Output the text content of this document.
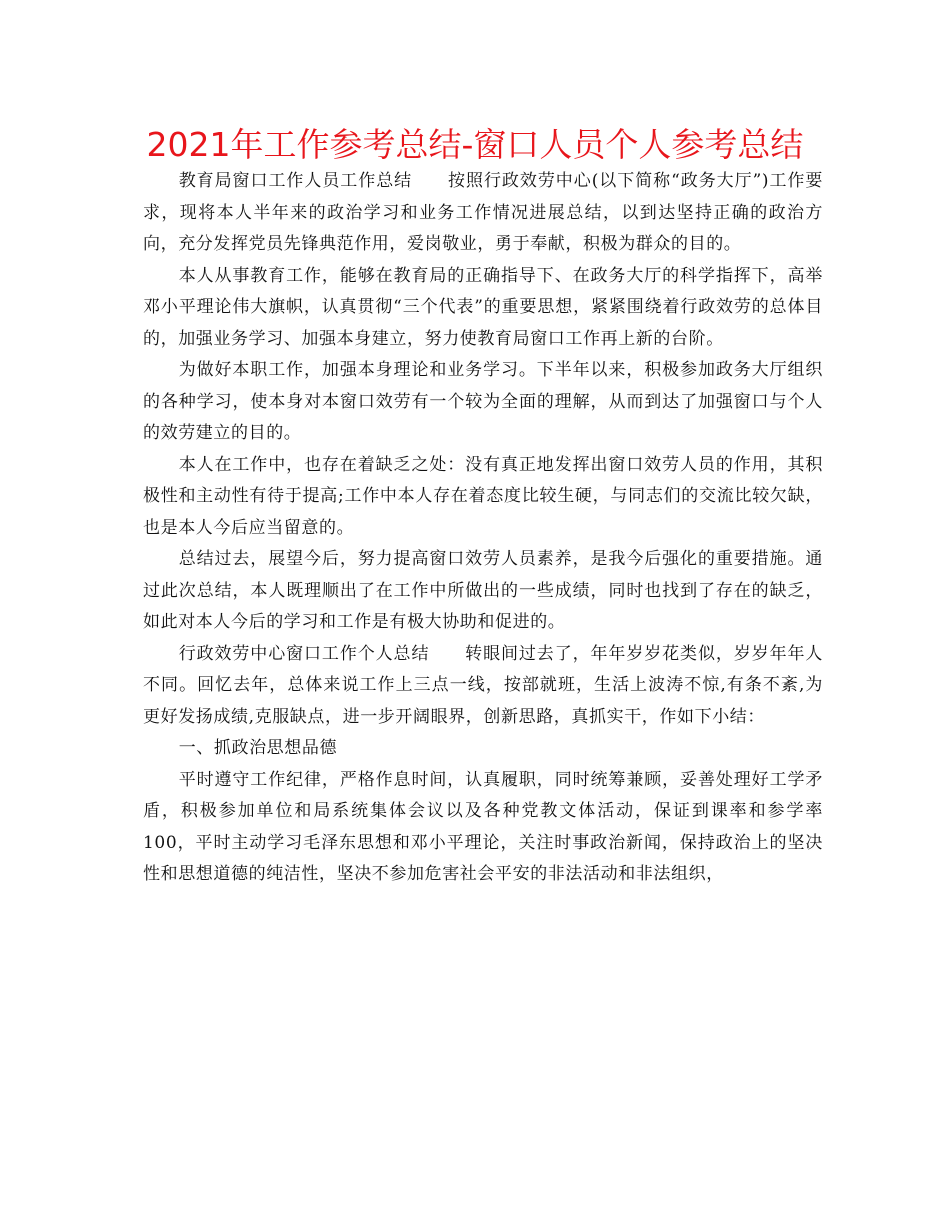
2021年工作参考总结-窗口人员个人参考总结

教育局窗口工作人员工作总结　　按照行政效劳中心(以下简称“政务大厅”)工作要求，现将本人半年来的政治学习和业务工作情况进展总结，以到达坚持正确的政治方向，充分发挥党员先锋典范作用，爱岗敬业，勇于奉献，积极为群众的目的。

本人从事教育工作，能够在教育局的正确指导下、在政务大厅的科学指挥下，高举邓小平理论伟大旗帜，认真贯彻“三个代表”的重要思想，紧紧围绕着行政效劳的总体目的，加强业务学习、加强本身建立，努力使教育局窗口工作再上新的台阶。

为做好本职工作，加强本身理论和业务学习。下半年以来，积极参加政务大厅组织的各种学习，使本身对本窗口效劳有一个较为全面的理解，从而到达了加强窗口与个人的效劳建立的目的。

本人在工作中，也存在着缺乏之处：没有真正地发挥出窗口效劳人员的作用，其积极性和主动性有待于提高;工作中本人存在着态度比较生硬，与同志们的交流比较欠缺，也是本人今后应当留意的。

总结过去，展望今后，努力提高窗口效劳人员素养，是我今后强化的重要措施。通过此次总结，本人既理顺出了在工作中所做出的一些成绩，同时也找到了存在的缺乏，如此对本人今后的学习和工作是有极大协助和促进的。

行政效劳中心窗口工作个人总结　　转眼间过去了，年年岁岁花类似，岁岁年年人不同。回忆去年，总体来说工作上三点一线，按部就班，生活上波涛不惊,有条不紊,为更好发扬成绩,克服缺点，进一步开阔眼界，创新思路，真抓实干，作如下小结：

一、抓政治思想品德

平时遵守工作纪律，严格作息时间，认真履职，同时统筹兼顾，妥善处理好工学矛盾，积极参加单位和局系统集体会议以及各种党教文体活动，保证到课率和参学率100，平时主动学习毛泽东思想和邓小平理论，关注时事政治新闻，保持政治上的坚决性和思想道德的纯洁性，坚决不参加危害社会平安的非法活动和非法组织，
